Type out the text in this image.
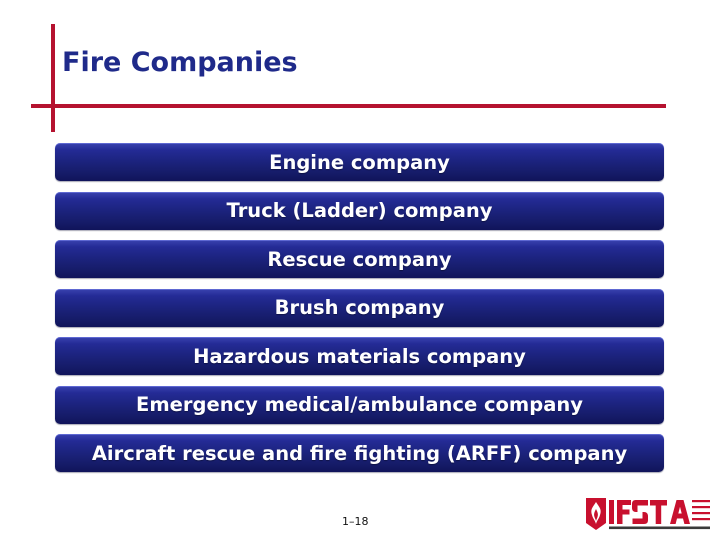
Fire Companies
Engine company
Truck (Ladder) company
Rescue company
Brush company
Hazardous materials company
Emergency medical/ambulance company
Aircraft rescue and fire fighting (ARFF) company
1–18
